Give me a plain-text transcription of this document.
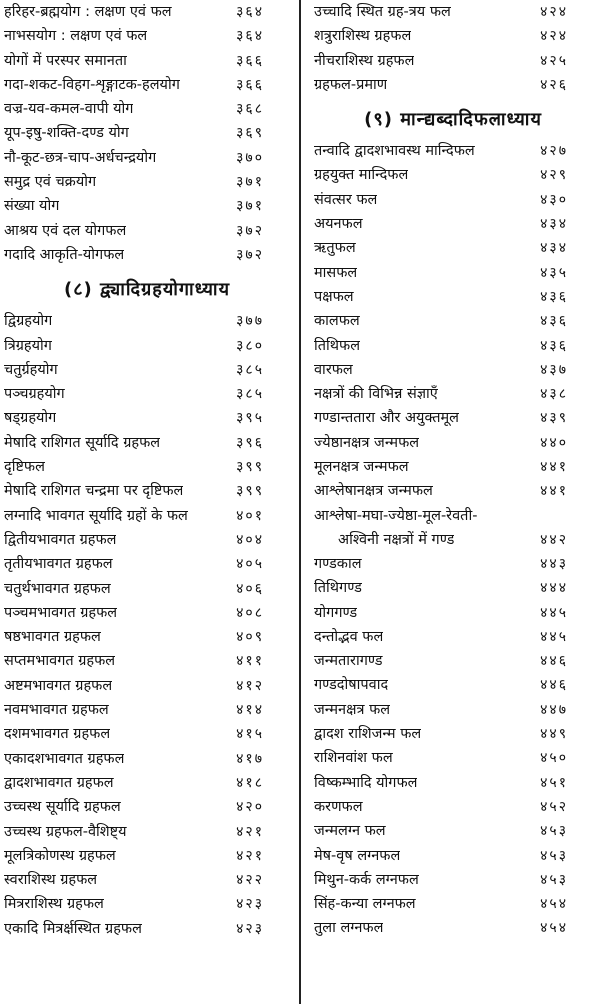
हरिहर-ब्रह्मयोग : लक्षण एवं फल	३६४
नाभसयोग : लक्षण एवं फल	३६४
योगों में परस्पर समानता	३६६
गदा-शकट-विहग-शृङ्गाटक-हलयोग	३६६
वज्र-यव-कमल-वापी योग	३६८
यूप-इषु-शक्ति-दण्ड योग	३६९
नौ-कूट-छत्र-चाप-अर्धचन्द्रयोग	३७०
समुद्र एवं चक्रयोग	३७१
संख्या योग	३७१
आश्रय एवं दल योगफल	३७२
गदादि आकृति-योगफल	३७२
(८) द्व्यादिग्रहयोगाध्याय
द्विग्रहयोग	३७७
त्रिग्रहयोग	३८०
चतुर्ग्रहयोग	३८५
पञ्चग्रहयोग	३८५
षड्ग्रहयोग	३९५
मेषादि राशिगत सूर्यादि ग्रहफल	३९६
दृष्टिफल	३९९
मेषादि राशिगत चन्द्रमा पर दृष्टिफल	३९९
लग्नादि भावगत सूर्यादि ग्रहों के फल	४०१
द्वितीयभावगत ग्रहफल	४०४
तृतीयभावगत ग्रहफल	४०५
चतुर्थभावगत ग्रहफल	४०६
पञ्चमभावगत ग्रहफल	४०८
षष्ठभावगत ग्रहफल	४०९
सप्तमभावगत ग्रहफल	४११
अष्टमभावगत ग्रहफल	४१२
नवमभावगत ग्रहफल	४१४
दशमभावगत ग्रहफल	४१५
एकादशभावगत ग्रहफल	४१७
द्वादशभावगत ग्रहफल	४१८
उच्चस्थ सूर्यादि ग्रहफल	४२०
उच्चस्थ ग्रहफल-वैशिष्ट्य	४२१
मूलत्रिकोणस्थ ग्रहफल	४२१
स्वराशिस्थ ग्रहफल	४२२
मित्रराशिस्थ ग्रहफल	४२३
एकादि मित्रर्क्षस्थित ग्रहफल	४२३
उच्चादि स्थित ग्रह-त्रय फल	४२४
शत्रुराशिस्थ ग्रहफल	४२४
नीचराशिस्थ ग्रहफल	४२५
ग्रहफल-प्रमाण	४२६
(९) मान्द्यब्दादिफलाध्याय
तन्वादि द्वादशभावस्थ मान्दिफल	४२७
ग्रहयुक्त मान्दिफल	४२९
संवत्सर फल	४३०
अयनफल	४३४
ऋतुफल	४३४
मासफल	४३५
पक्षफल	४३६
कालफल	४३६
तिथिफल	४३६
वारफल	४३७
नक्षत्रों की विभिन्न संज्ञाएँ	४३८
गण्डान्ततारा और अयुक्तमूल	४३९
ज्येष्ठानक्षत्र जन्मफल	४४०
मूलनक्षत्र जन्मफल	४४१
आश्लेषानक्षत्र जन्मफल	४४१
आश्लेषा-मघा-ज्येष्ठा-मूल-रेवती-
अश्विनी नक्षत्रों में गण्ड	४४२
गण्डकाल	४४३
तिथिगण्ड	४४४
योगगण्ड	४४५
दन्तोद्भव फल	४४५
जन्मतारागण्ड	४४६
गण्डदोषापवाद	४४६
जन्मनक्षत्र फल	४४७
द्वादश राशिजन्म फल	४४९
राशिनवांश फल	४५०
विष्कम्भादि योगफल	४५१
करणफल	४५२
जन्मलग्न फल	४५३
मेष-वृष लग्नफल	४५३
मिथुन-कर्क लग्नफल	४५३
सिंह-कन्या लग्नफल	४५४
तुला लग्नफल	४५४
